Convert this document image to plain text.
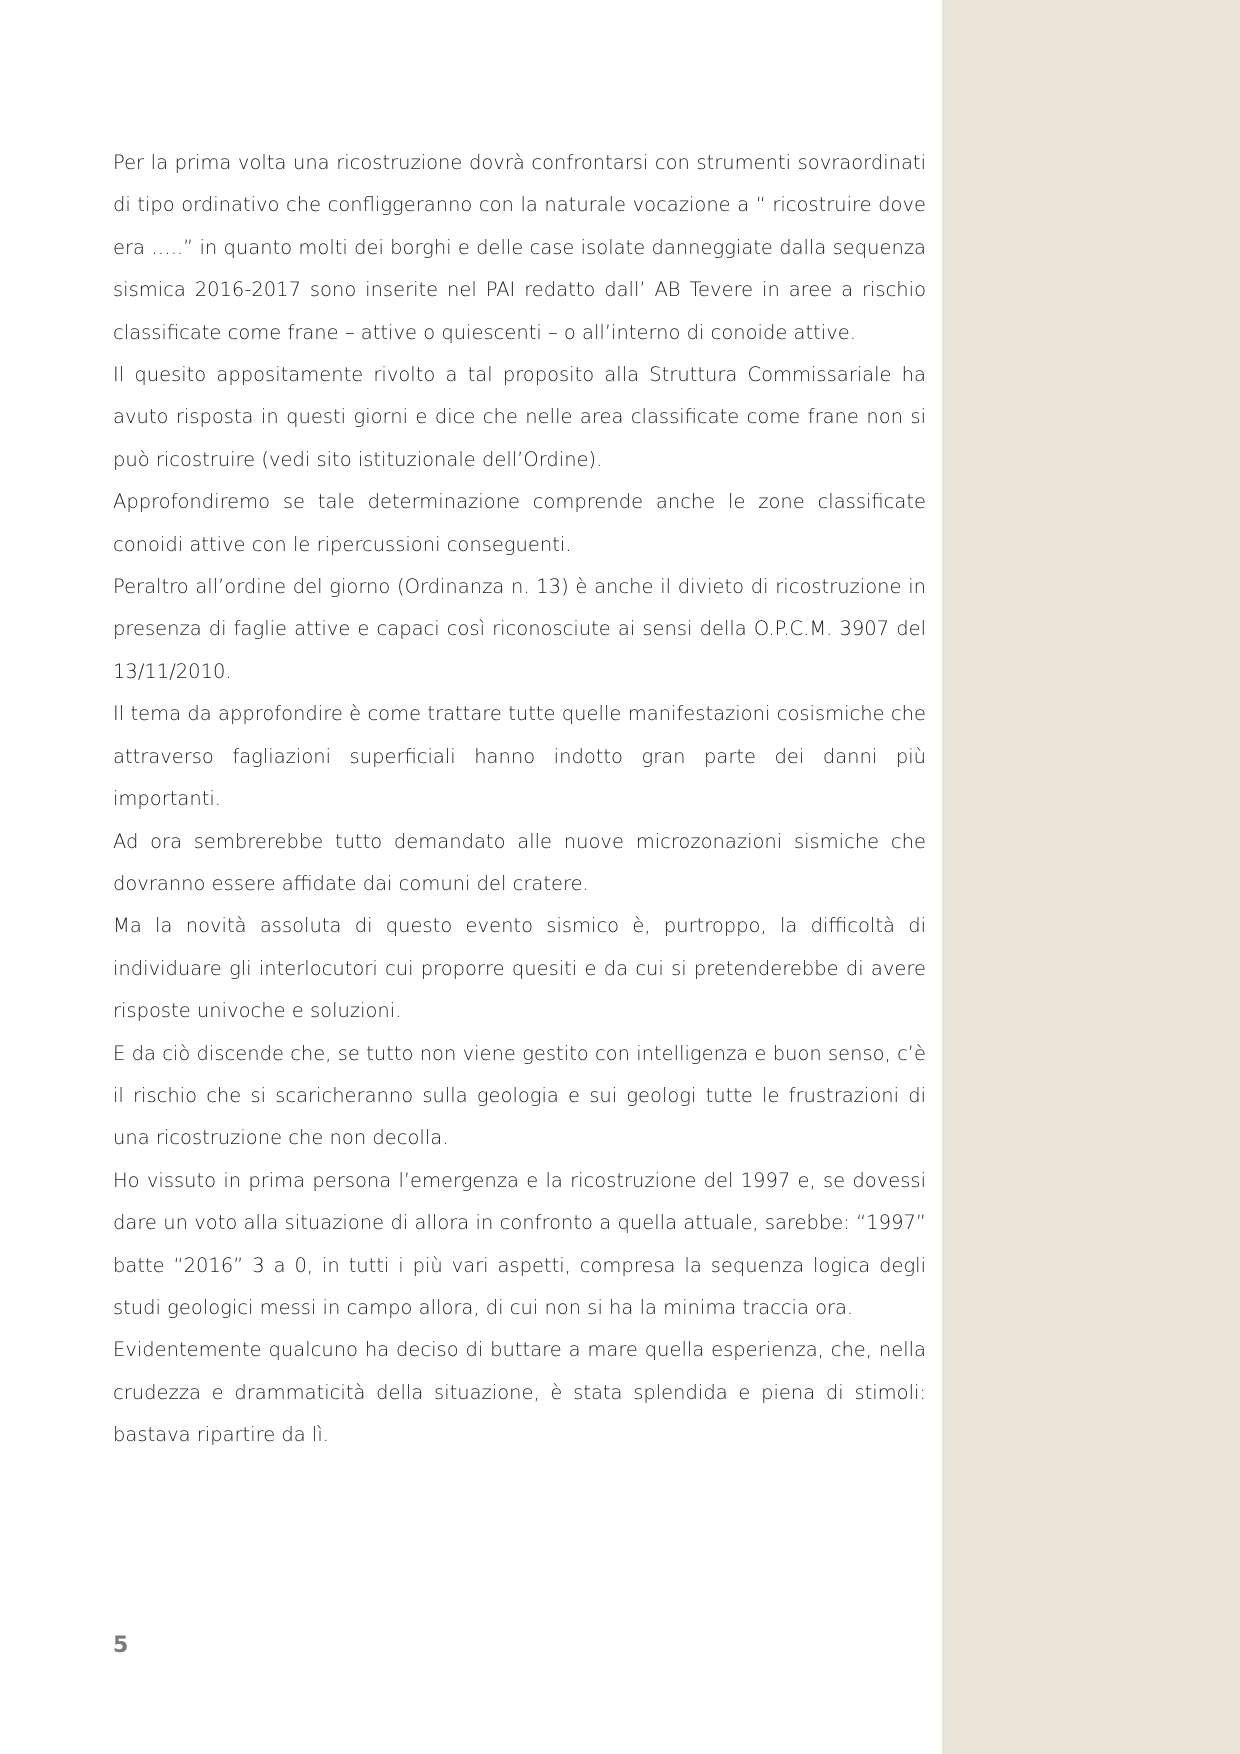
Per la prima volta una ricostruzione dovrà confrontarsi con strumenti sovraordinati di tipo ordinativo che confliggeranno con la naturale vocazione a “ ricostruire dove era …..” in quanto molti dei borghi e delle case isolate danneggiate dalla sequenza sismica 2016-2017 sono inserite nel PAI redatto dall’ AB Tevere in aree a rischio classificate come frane – attive o quiescenti – o all’interno di conoide attive.

Il quesito appositamente rivolto a tal proposito alla Struttura Commissariale ha avuto risposta in questi giorni e dice che nelle area classificate come frane non si può ricostruire (vedi sito istituzionale dell’Ordine).

Approfondiremo se tale determinazione comprende anche le zone classificate conoidi attive con le ripercussioni conseguenti.

Peraltro all’ordine del giorno (Ordinanza n. 13) è anche il divieto di ricostruzione in presenza di faglie attive e capaci così riconosciute ai sensi della O.P.C.M. 3907 del 13/11/2010.

Il tema da approfondire è come trattare tutte quelle manifestazioni cosismiche che attraverso fagliazioni superficiali hanno indotto gran parte dei danni più importanti.

Ad ora sembrerebbe tutto demandato alle nuove microzonazioni sismiche che dovranno essere affidate dai comuni del cratere.

Ma la novità assoluta di questo evento sismico è, purtroppo, la difficoltà di individuare gli interlocutori cui proporre quesiti e da cui si pretenderebbe di avere risposte univoche e soluzioni.

E da ciò discende che, se tutto non viene gestito con intelligenza e buon senso, c’è il rischio che si scaricheranno sulla geologia e sui geologi tutte le frustrazioni di una ricostruzione che non decolla.

Ho vissuto in prima persona l’emergenza e la ricostruzione del 1997 e, se dovessi dare un voto alla situazione di allora in confronto a quella attuale, sarebbe: “1997” batte “2016” 3 a 0, in tutti i più vari aspetti, compresa la sequenza logica degli studi geologici messi in campo allora, di cui non si ha la minima traccia ora.

Evidentemente qualcuno ha deciso di buttare a mare quella esperienza, che, nella crudezza e drammaticità della situazione, è stata splendida e piena di stimoli: bastava ripartire da lì.

5
